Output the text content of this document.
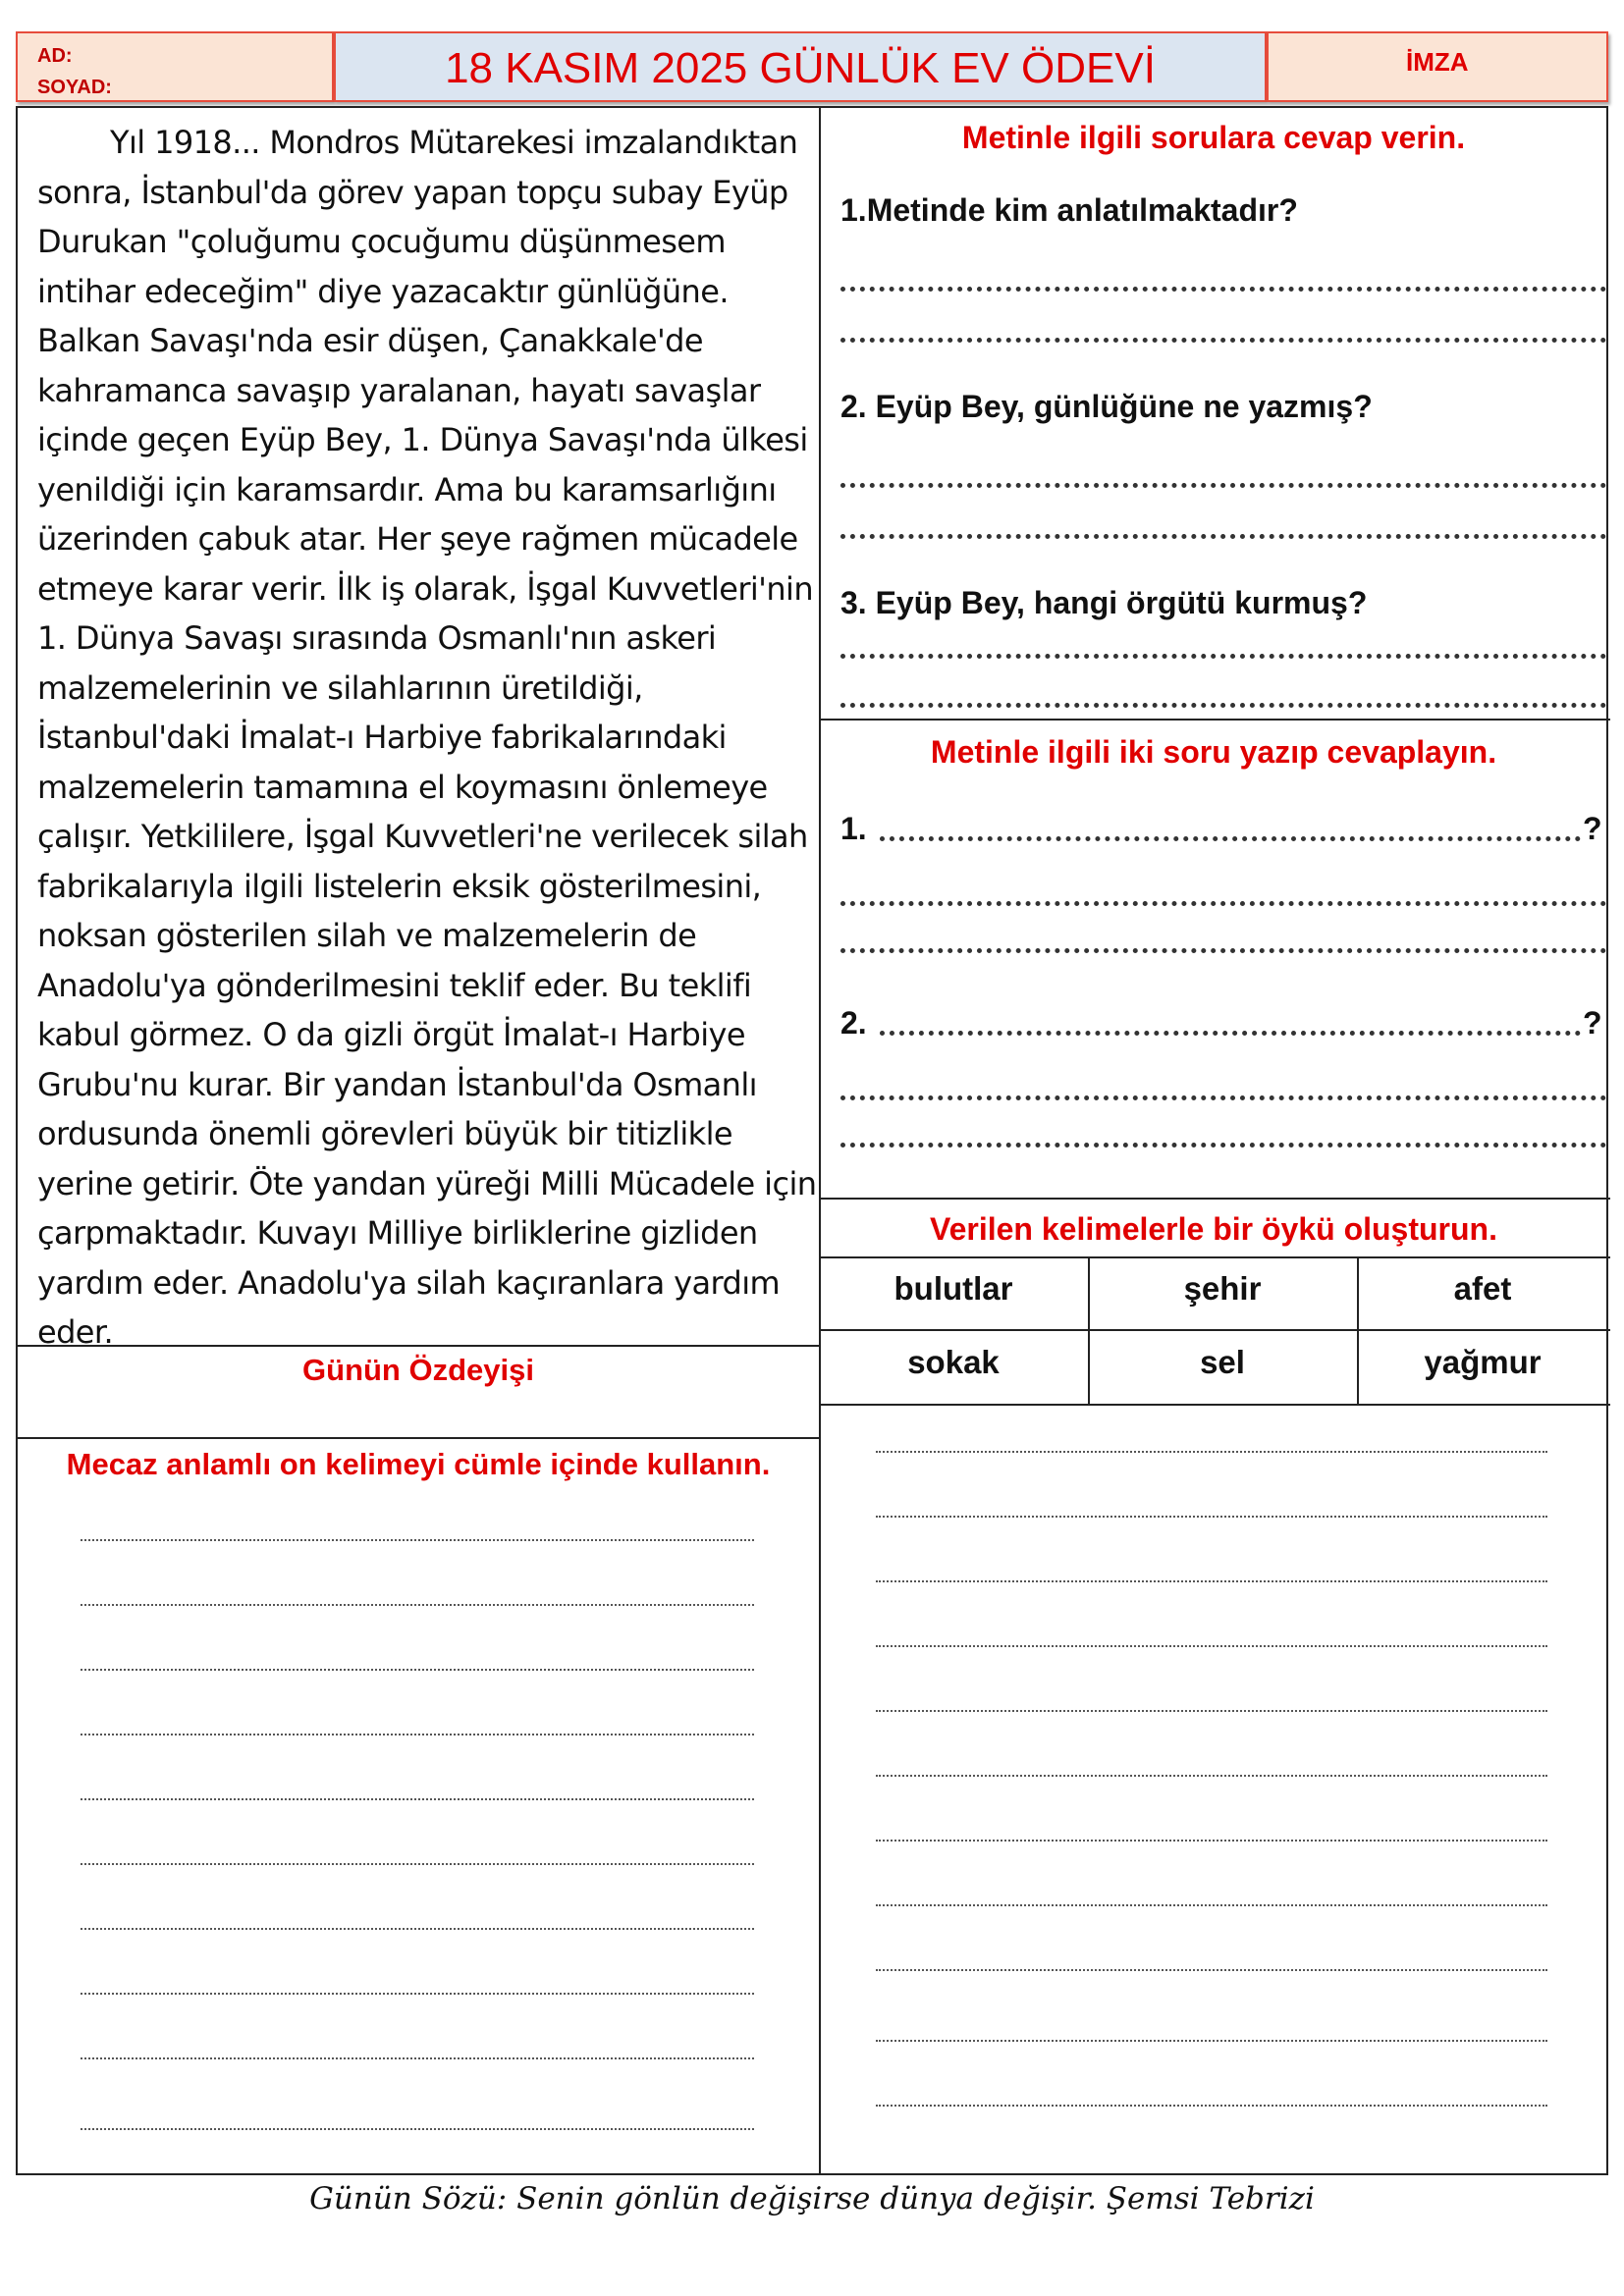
AD:
SOYAD:	18 KASIM 2025 GÜNLÜK EV ÖDEVİ	İMZA
Yıl 1918... Mondros Mütarekesi imzalandıktan sonra, İstanbul'da görev yapan topçu subay Eyüp Durukan "çoluğumu çocuğumu düşünmesem intihar edeceğim" diye yazacaktır günlüğüne. Balkan Savaşı'nda esir düşen, Çanakkale'de kahramanca savaşıp yaralanan, hayatı savaşlar içinde geçen Eyüp Bey, 1. Dünya Savaşı'nda ülkesi yenildiği için karamsardır. Ama bu karamsarlığını üzerinden çabuk atar. Her şeye rağmen mücadele etmeye karar verir. İlk iş olarak, İşgal Kuvvetleri'nin 1. Dünya Savaşı sırasında Osmanlı'nın askeri malzemelerinin ve silahlarının üretildiği, İstanbul'daki İmalat-ı Harbiye fabrikalarındaki malzemelerin tamamına el koymasını önlemeye çalışır. Yetkililere, İşgal Kuvvetleri'ne verilecek silah fabrikalarıyla ilgili listelerin eksik gösterilmesini, noksan gösterilen silah ve malzemelerin de Anadolu'ya gönderilmesini teklif eder. Bu teklifi kabul görmez. O da gizli örgüt İmalat-ı Harbiye Grubu'nu kurar. Bir yandan İstanbul'da Osmanlı ordusunda önemli görevleri büyük bir titizlikle yerine getirir. Öte yandan yüreği Milli Mücadele için çarpmaktadır. Kuvayı Milliye birliklerine gizliden yardım eder. Anadolu'ya silah kaçıranlara yardım eder.
Günün Özdeyişi
Mecaz anlamlı on kelimeyi cümle içinde kullanın.
Metinle ilgili sorulara cevap verin.
1.Metinde kim anlatılmaktadır?
2. Eyüp Bey, günlüğüne ne yazmış?
3. Eyüp Bey, hangi örgütü kurmuş?
Metinle ilgili iki soru yazıp cevaplayın.
1.	?
2.	?
Verilen kelimelerle bir öykü oluşturun.
bulutlar	şehir	afet
sokak	sel	yağmur
Günün Sözü: Senin gönlün değişirse dünya değişir. Şemsi Tebrizi
